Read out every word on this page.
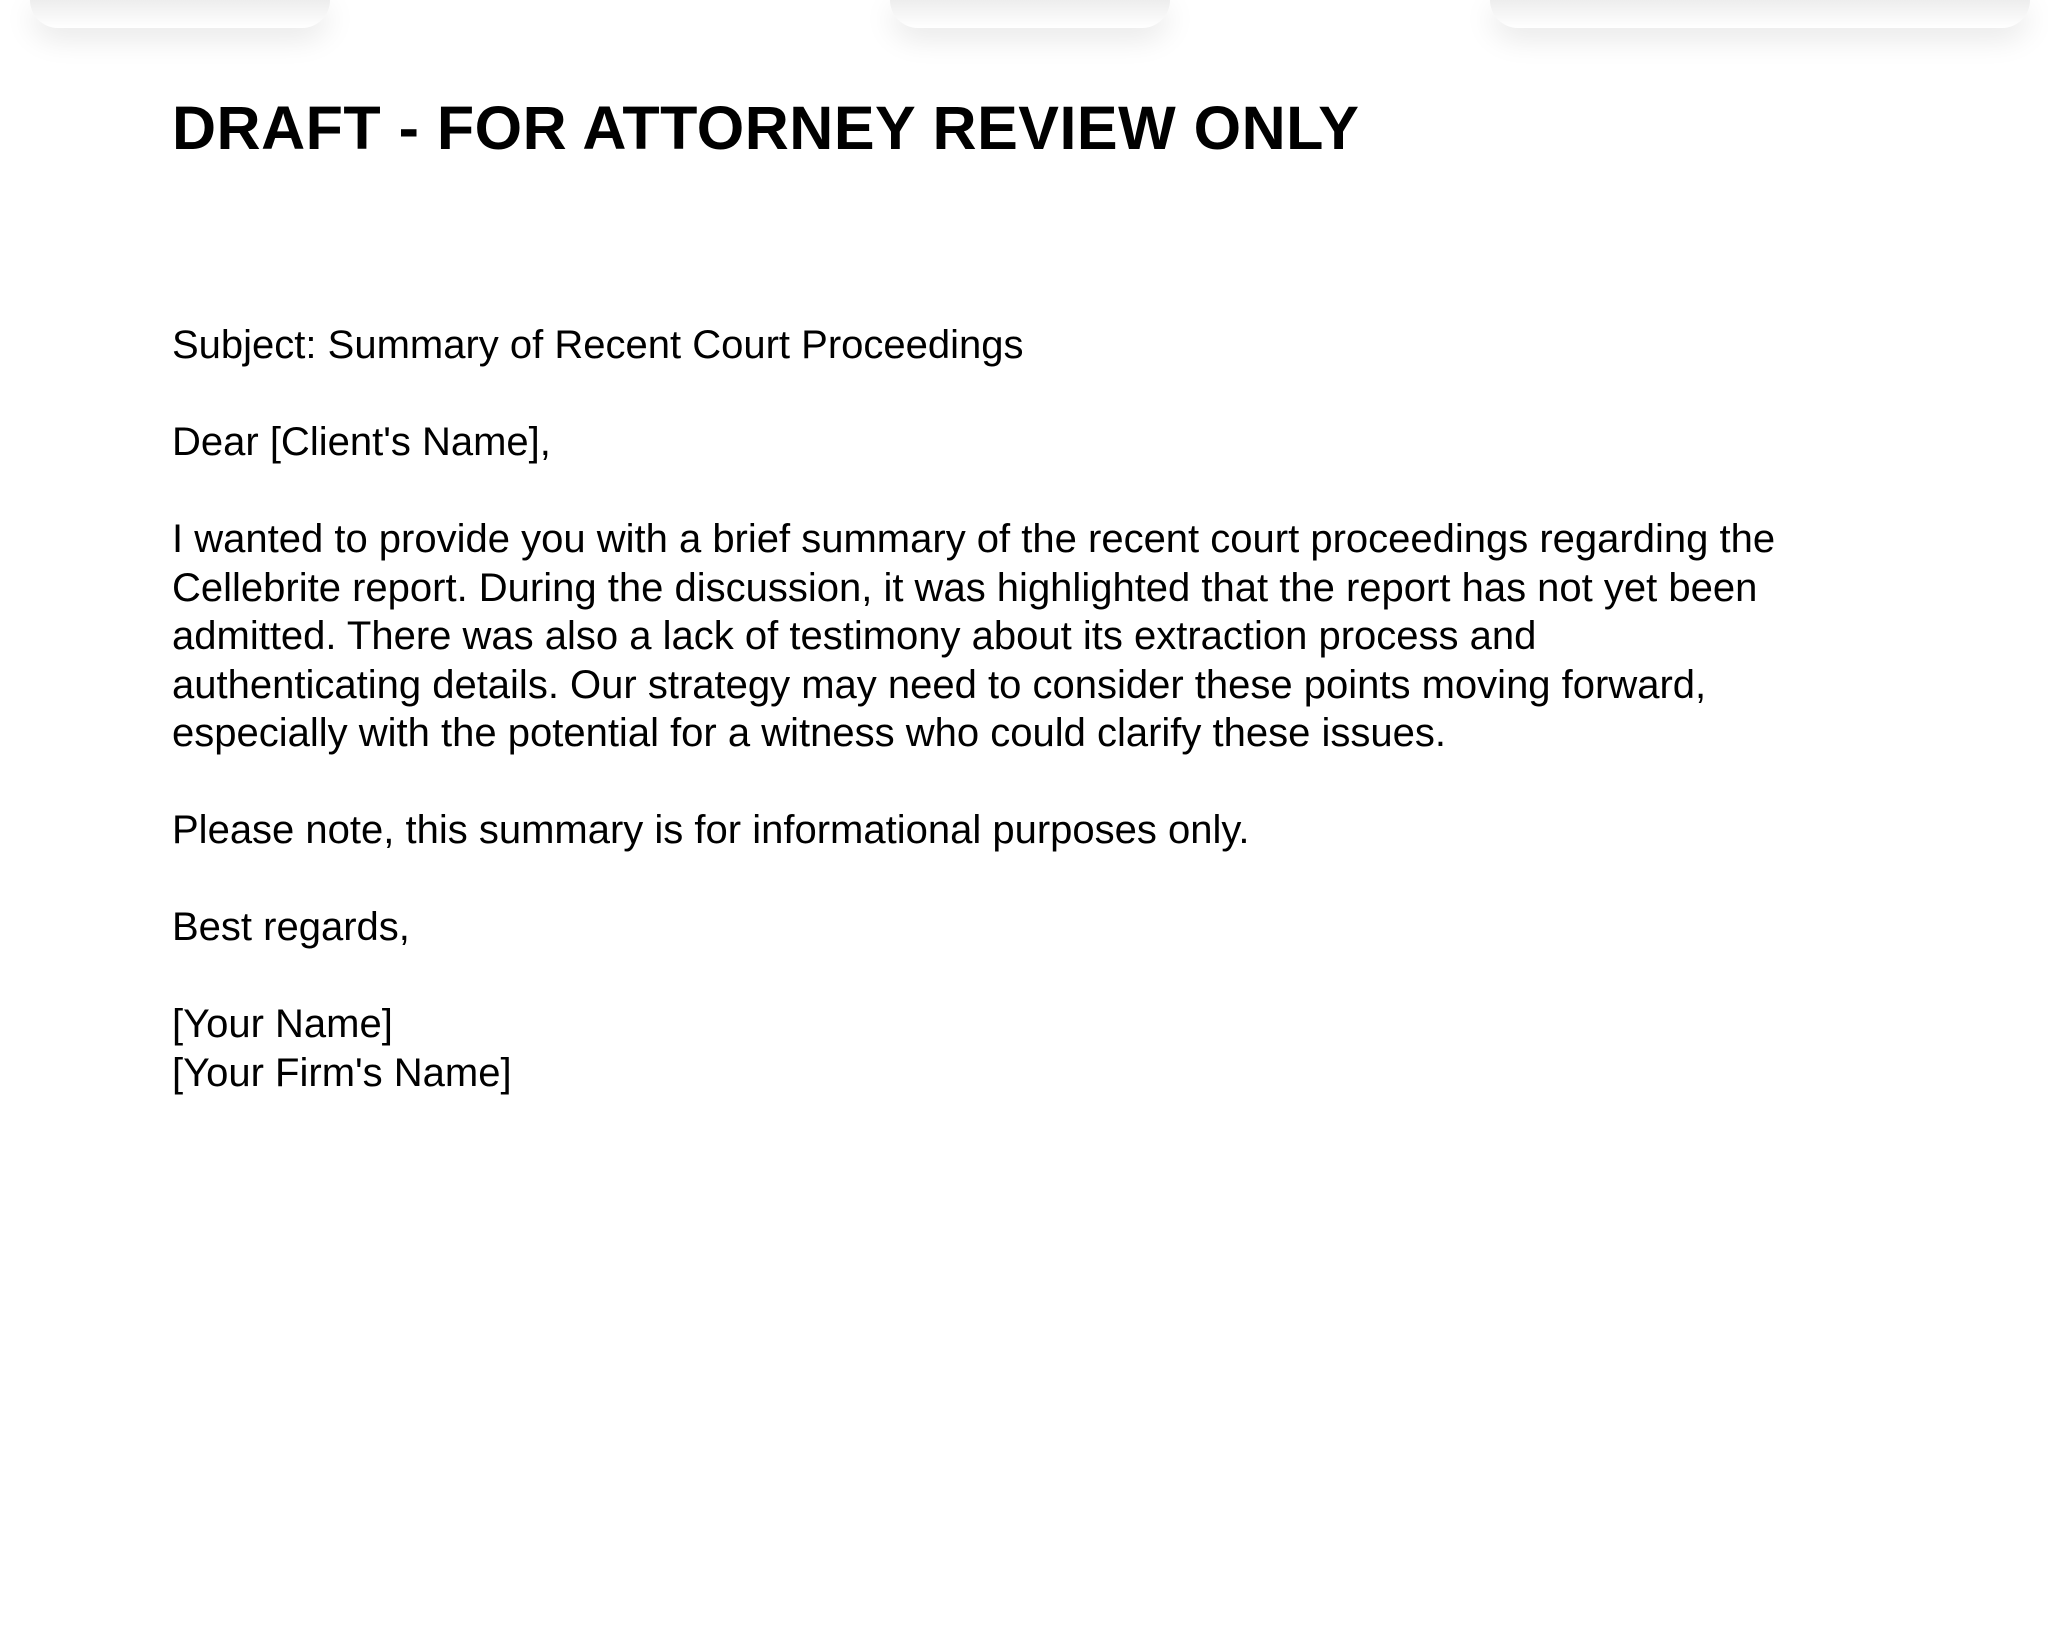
DRAFT - FOR ATTORNEY REVIEW ONLY

Subject: Summary of Recent Court Proceedings

Dear [Client's Name],

I wanted to provide you with a brief summary of the recent court proceedings regarding the
Cellebrite report. During the discussion, it was highlighted that the report has not yet been
admitted. There was also a lack of testimony about its extraction process and
authenticating details. Our strategy may need to consider these points moving forward,
especially with the potential for a witness who could clarify these issues.

Please note, this summary is for informational purposes only.

Best regards,

[Your Name]
[Your Firm's Name]
